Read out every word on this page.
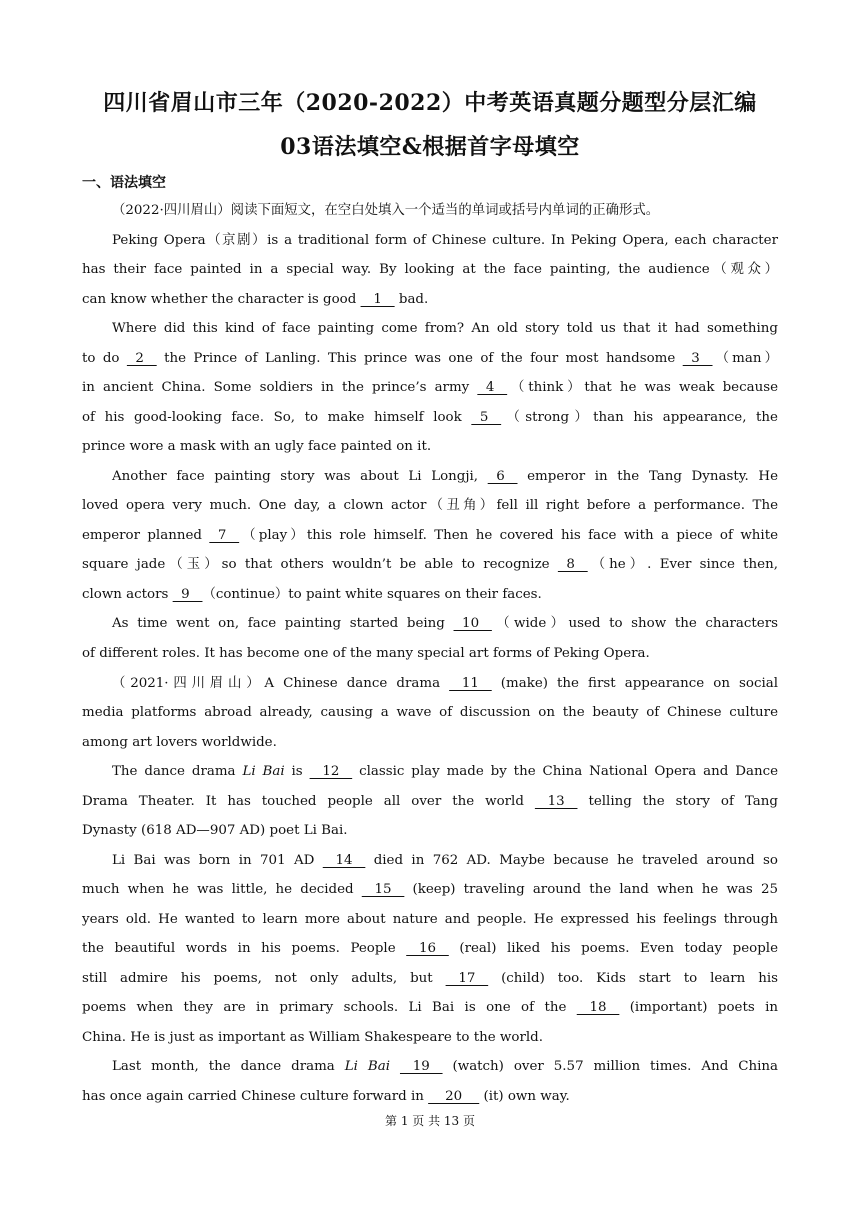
四川省眉山市三年（2020-2022）中考英语真题分题型分层汇编
03语法填空&根据首字母填空
一、语法填空
（2022·四川眉山）阅读下面短文，在空白处填入一个适当的单词或括号内单词的正确形式。
Peking Opera（京剧）is a traditional form of Chinese culture. In Peking Opera, each character
has their face painted in a special way. By looking at the face painting, the audience（观众）
can know whether the character is good    1    bad.
Where did this kind of face painting come from? An old story told us that it had something
to do   2    the Prince of Lanling. This prince was one of the four most handsome   3   （man）
in ancient China. Some soldiers in the prince’s army   4   （think）that he was weak because
of his good-looking face. So, to make himself look   5   （strong）than his appearance, the
prince wore a mask with an ugly face painted on it.
Another face painting story was about Li Longji,   6    emperor in the Tang Dynasty. He
loved opera very much. One day, a clown actor（丑角）fell ill right before a performance. The
emperor planned   7   （play）this role himself. Then he covered his face with a piece of white
square jade（玉）so that others wouldn’t be able to recognize   8   （he）. Ever since then,
clown actors   9   （continue）to paint white squares on their faces.
As time went on, face painting started being   10   （wide）used to show the characters
of different roles. It has become one of the many special art forms of Peking Opera.
（2021·四川眉山）A Chinese dance drama    11    (make) the first appearance on social
media platforms abroad already, causing a wave of discussion on the beauty of Chinese culture
among art lovers worldwide.
The dance drama Li Bai is    12    classic play made by the China National Opera and Dance
Drama Theater. It has touched people all over the world    13    telling the story of Tang
Dynasty (618 AD—907 AD) poet Li Bai.
Li Bai was born in 701 AD    14    died in 762 AD. Maybe because he traveled around so
much when he was little, he decided    15    (keep) traveling around the land when he was 25
years old. He wanted to learn more about nature and people. He expressed his feelings through
the beautiful words in his poems. People    16    (real) liked his poems. Even today people
still admire his poems, not only adults, but    17    (child) too. Kids start to learn his
poems when they are in primary schools. Li Bai is one of the    18    (important) poets in
China. He is just as important as William Shakespeare to the world.
Last month, the dance drama Li Bai    19    (watch) over 5.57 million times. And China
has once again carried Chinese culture forward in     20     (it) own way.
第 1 页 共 13 页
